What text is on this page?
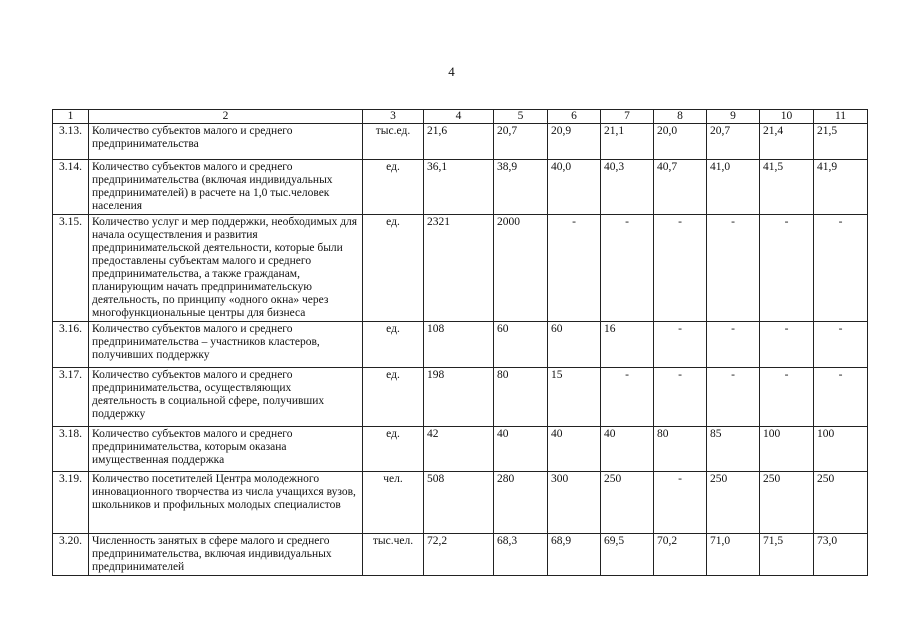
4
1	2	3	4	5	6	7	8	9	10	11
3.13.	Количество субъектов малого и среднего предпринимательства	тыс.ед.	21,6	20,7	20,9	21,1	20,0	20,7	21,4	21,5
3.14.	Количество субъектов малого и среднего предпринимательства (включая индивидуальных предпринимателей) в расчете на 1,0 тыс.человек населения	ед.	36,1	38,9	40,0	40,3	40,7	41,0	41,5	41,9
3.15.	Количество услуг и мер поддержки, необходимых для начала осуществления и развития предпринимательской деятельности, которые были предоставлены субъектам малого и среднего предпринимательства, а также гражданам, планирующим начать предпринимательскую деятельность, по принципу «одного окна» через многофункциональные центры для бизнеса	ед.	2321	2000	-	-	-	-	-	-
3.16.	Количество субъектов малого и среднего предпринимательства – участников кластеров, получивших поддержку	ед.	108	60	60	16	-	-	-	-
3.17.	Количество субъектов малого и среднего предпринимательства, осуществляющих деятельность в социальной сфере, получивших поддержку	ед.	198	80	15	-	-	-	-	-
3.18.	Количество субъектов малого и среднего предпринимательства, которым оказана имущественная поддержка	ед.	42	40	40	40	80	85	100	100
3.19.	Количество посетителей Центра молодежного инновационного творчества из числа учащихся вузов, школьников и профильных молодых специалистов	чел.	508	280	300	250	-	250	250	250
3.20.	Численность занятых в сфере малого и среднего предпринимательства, включая индивидуальных предпринимателей	тыс.чел.	72,2	68,3	68,9	69,5	70,2	71,0	71,5	73,0
